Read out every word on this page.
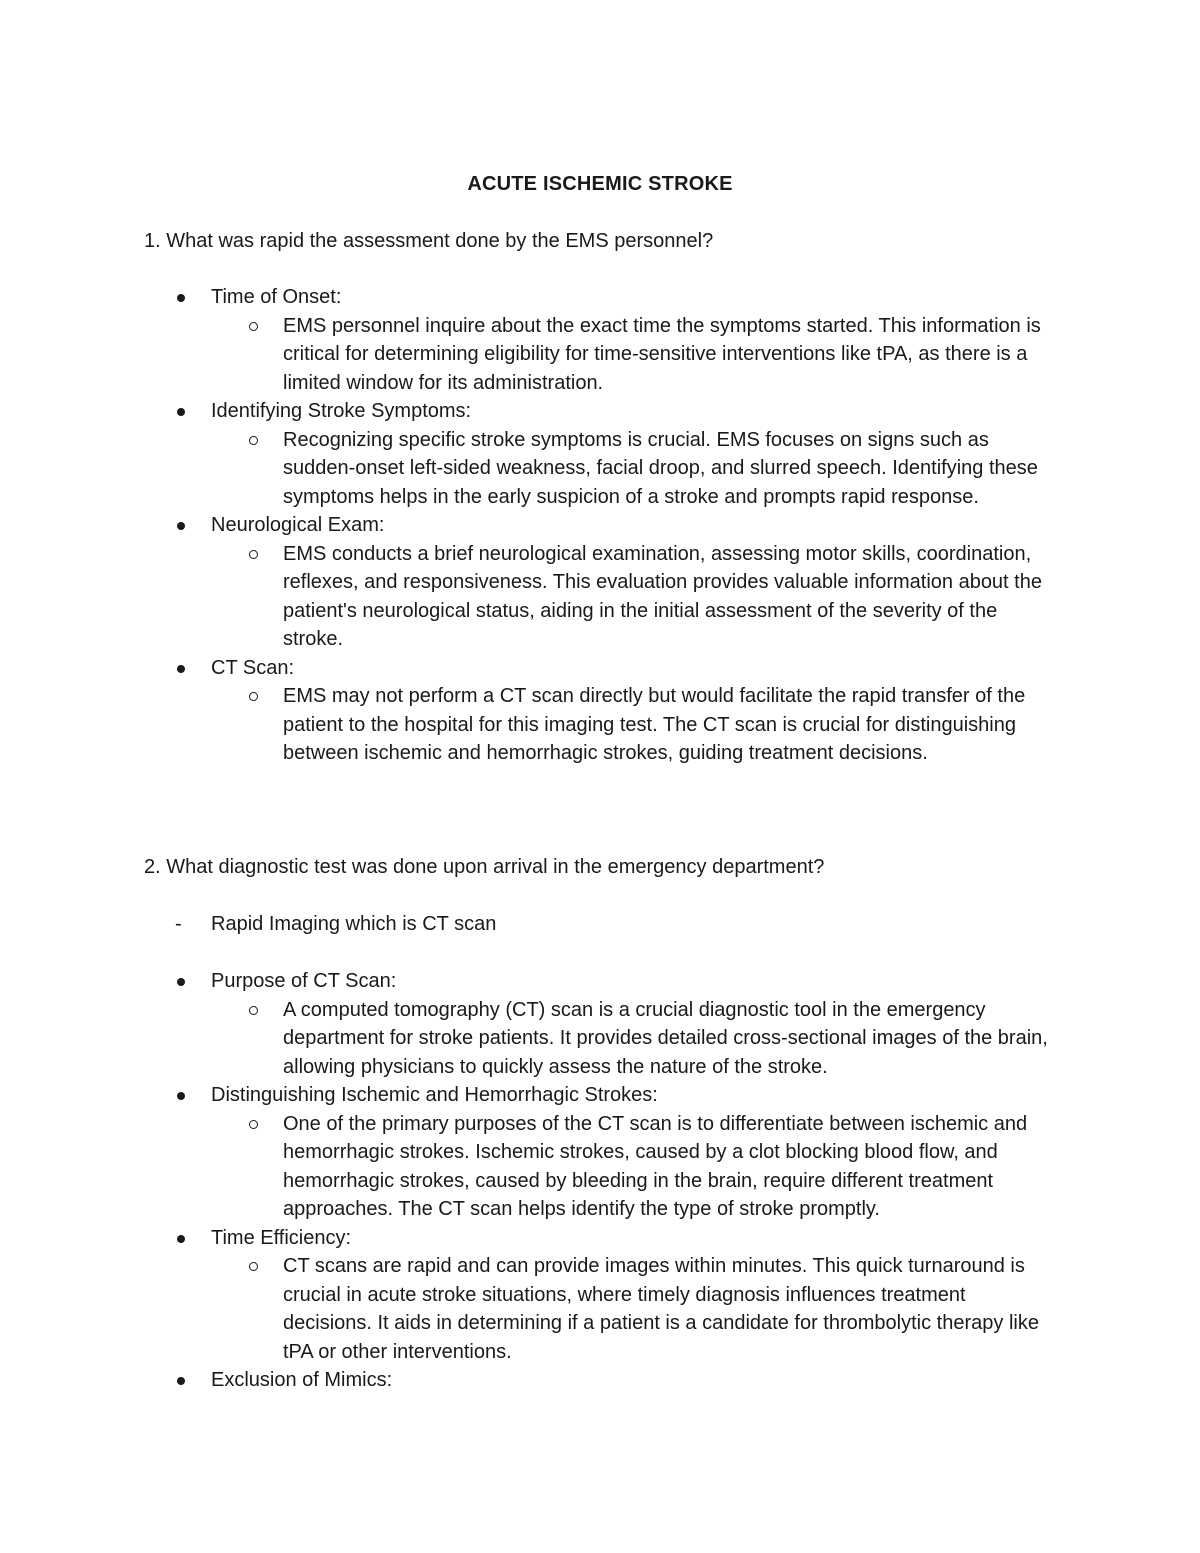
ACUTE ISCHEMIC STROKE
1. What was rapid the assessment done by the EMS personnel?
Time of Onset:
EMS personnel inquire about the exact time the symptoms started. This information is critical for determining eligibility for time-sensitive interventions like tPA, as there is a limited window for its administration.
Identifying Stroke Symptoms:
Recognizing specific stroke symptoms is crucial. EMS focuses on signs such as sudden-onset left-sided weakness, facial droop, and slurred speech. Identifying these symptoms helps in the early suspicion of a stroke and prompts rapid response.
Neurological Exam:
EMS conducts a brief neurological examination, assessing motor skills, coordination, reflexes, and responsiveness. This evaluation provides valuable information about the patient's neurological status, aiding in the initial assessment of the severity of the stroke.
CT Scan:
EMS may not perform a CT scan directly but would facilitate the rapid transfer of the patient to the hospital for this imaging test. The CT scan is crucial for distinguishing between ischemic and hemorrhagic strokes, guiding treatment decisions.
2. What diagnostic test was done upon arrival in the emergency department?
- Rapid Imaging which is CT scan
Purpose of CT Scan:
A computed tomography (CT) scan is a crucial diagnostic tool in the emergency department for stroke patients. It provides detailed cross-sectional images of the brain, allowing physicians to quickly assess the nature of the stroke.
Distinguishing Ischemic and Hemorrhagic Strokes:
One of the primary purposes of the CT scan is to differentiate between ischemic and hemorrhagic strokes. Ischemic strokes, caused by a clot blocking blood flow, and hemorrhagic strokes, caused by bleeding in the brain, require different treatment approaches. The CT scan helps identify the type of stroke promptly.
Time Efficiency:
CT scans are rapid and can provide images within minutes. This quick turnaround is crucial in acute stroke situations, where timely diagnosis influences treatment decisions. It aids in determining if a patient is a candidate for thrombolytic therapy like tPA or other interventions.
Exclusion of Mimics:
